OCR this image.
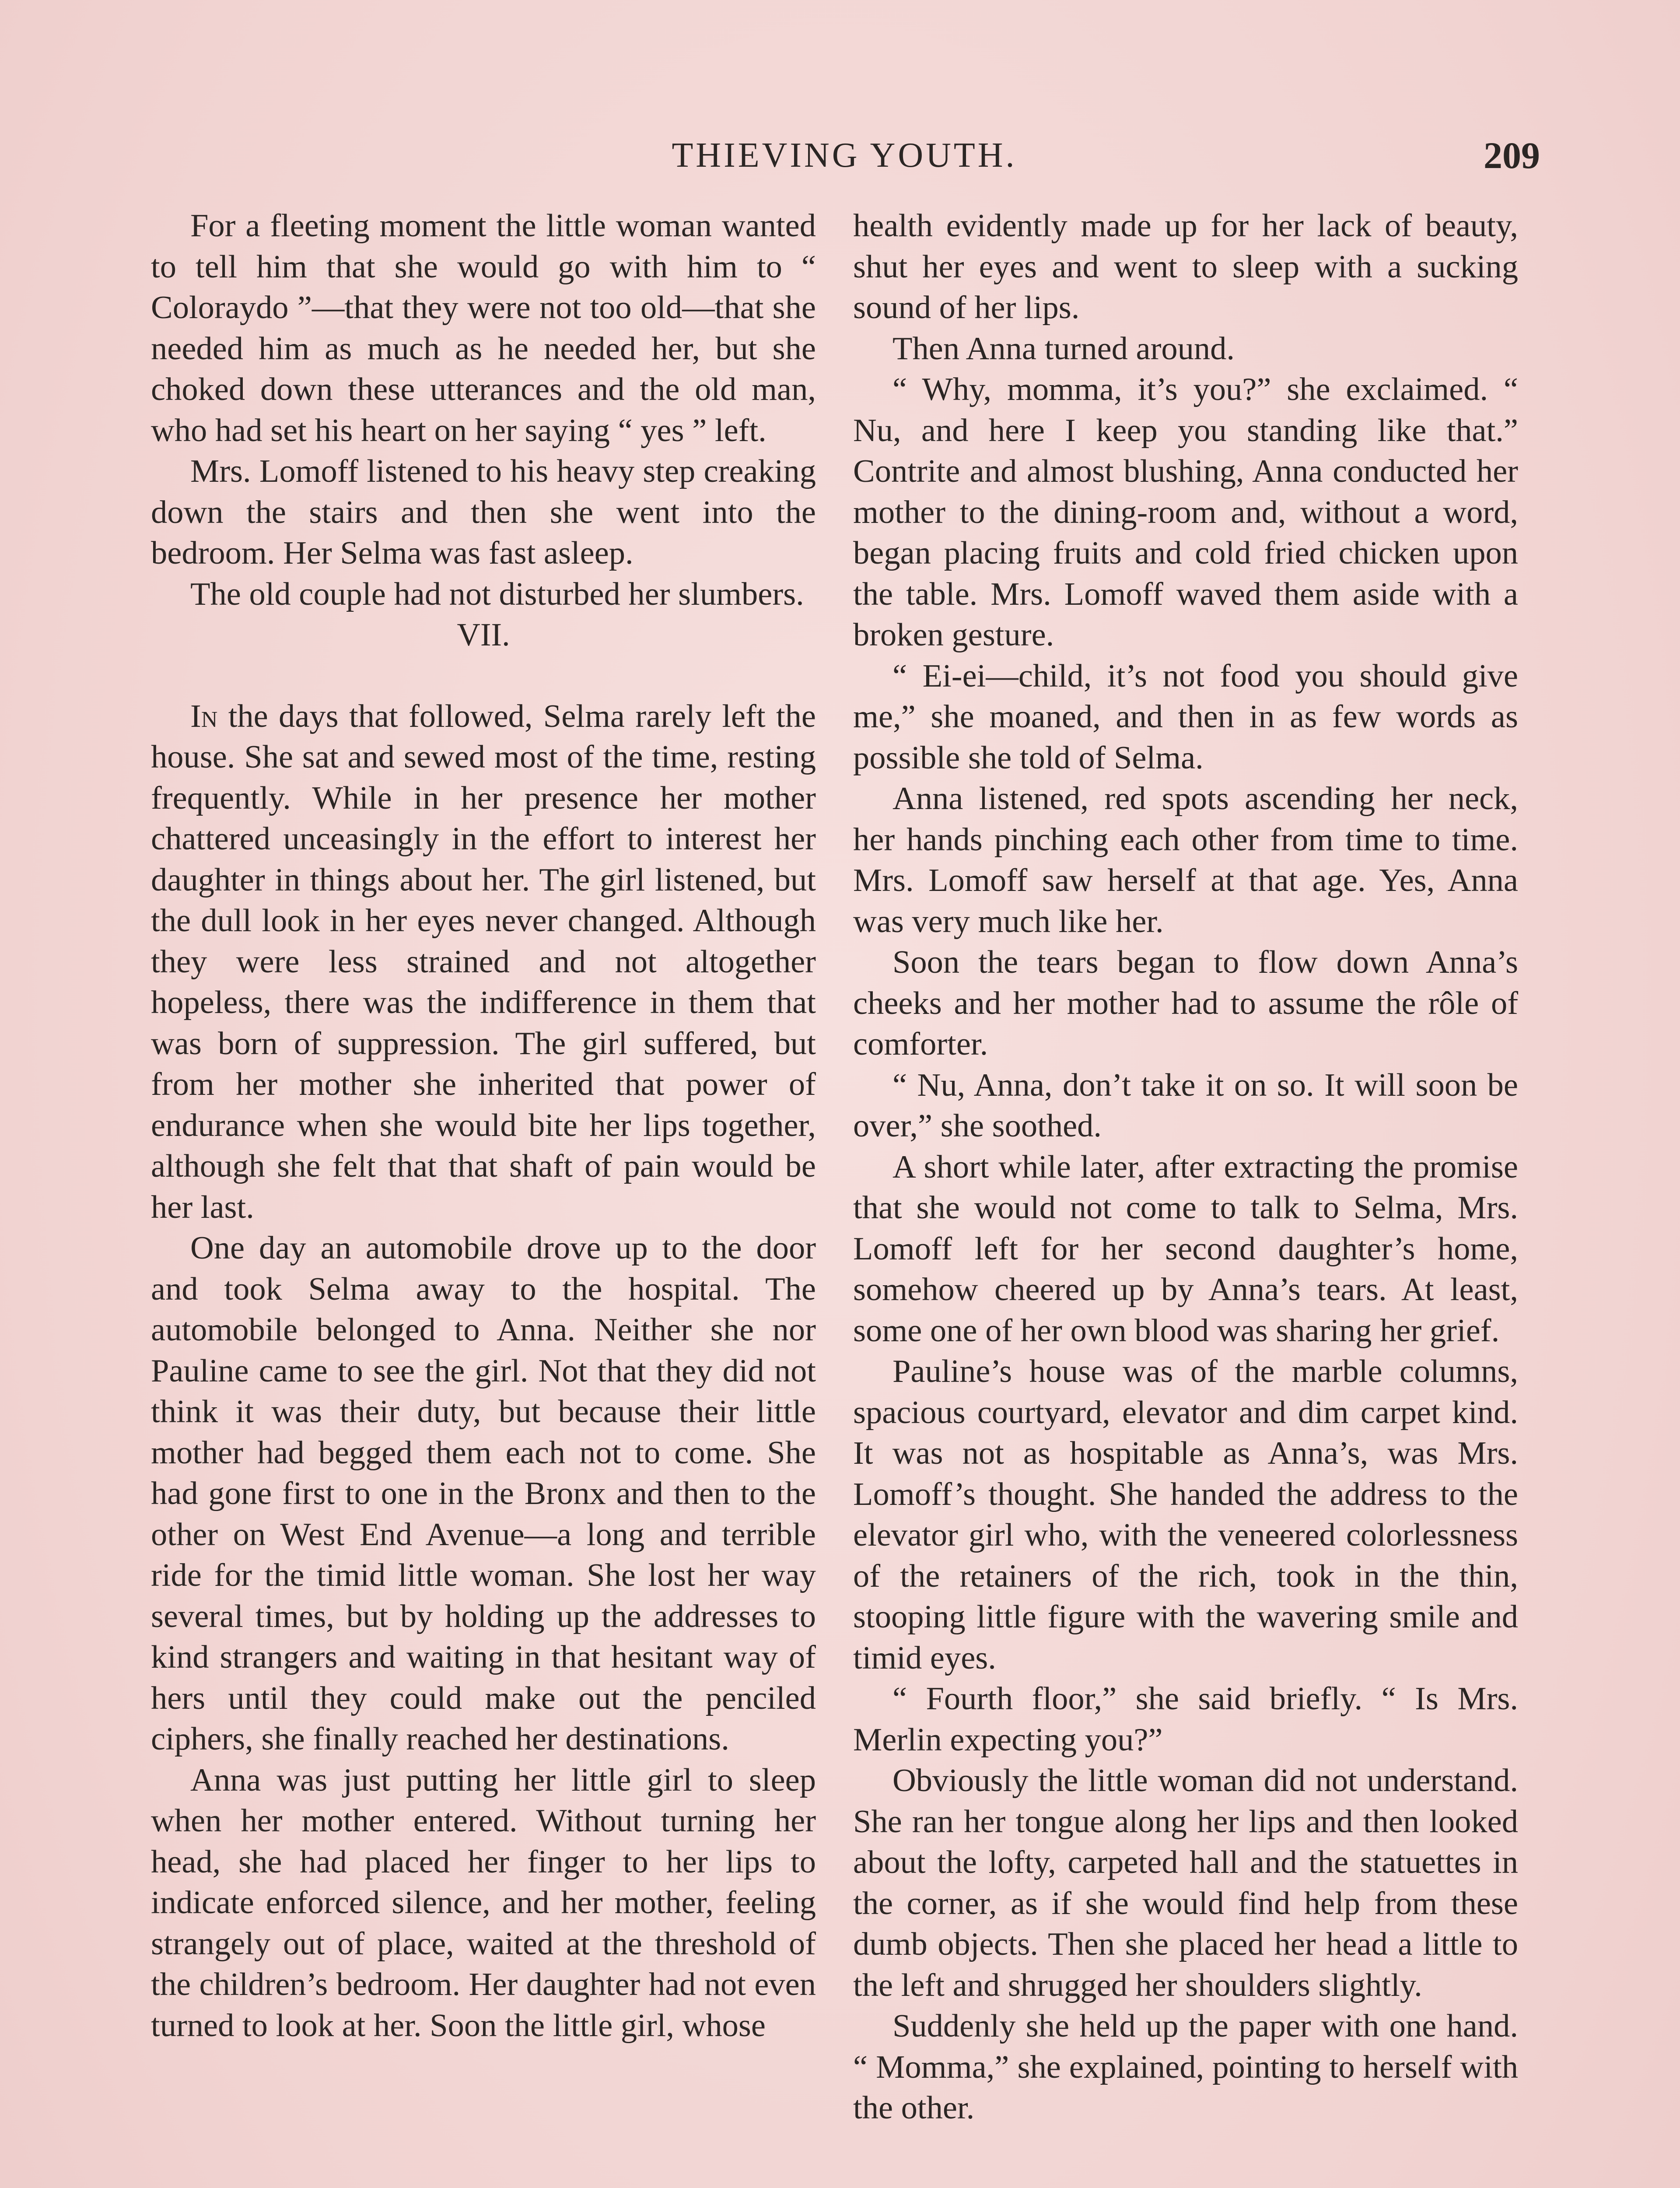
THIEVING YOUTH.	209

For a fleeting moment the little woman wanted to tell him that she would go with him to “ Coloraydo ”—that they were not too old—that she needed him as much as he needed her, but she choked down these utterances and the old man, who had set his heart on her saying “ yes ” left.

Mrs. Lomoff listened to his heavy step creaking down the stairs and then she went into the bedroom. Her Selma was fast asleep.

The old couple had not disturbed her slumbers.

VII.

In the days that followed, Selma rarely left the house. She sat and sewed most of the time, resting frequently. While in her presence her mother chattered unceasingly in the effort to interest her daughter in things about her. The girl listened, but the dull look in her eyes never changed. Although they were less strained and not altogether hopeless, there was the indifference in them that was born of suppression. The girl suffered, but from her mother she inherited that power of endurance when she would bite her lips together, although she felt that that shaft of pain would be her last.

One day an automobile drove up to the door and took Selma away to the hospital. The automobile belonged to Anna. Neither she nor Pauline came to see the girl. Not that they did not think it was their duty, but because their little mother had begged them each not to come. She had gone first to one in the Bronx and then to the other on West End Avenue—a long and terrible ride for the timid little woman. She lost her way several times, but by holding up the addresses to kind strangers and waiting in that hesitant way of hers until they could make out the penciled ciphers, she finally reached her destinations.

Anna was just putting her little girl to sleep when her mother entered. Without turning her head, she had placed her finger to her lips to indicate enforced silence, and her mother, feeling strangely out of place, waited at the threshold of the children’s bedroom. Her daughter had not even turned to look at her. Soon the little girl, whose

health evidently made up for her lack of beauty, shut her eyes and went to sleep with a sucking sound of her lips.

Then Anna turned around.

“ Why, momma, it’s you?” she exclaimed. “ Nu, and here I keep you standing like that.” Contrite and almost blushing, Anna conducted her mother to the dining-room and, without a word, began placing fruits and cold fried chicken upon the table. Mrs. Lomoff waved them aside with a broken gesture.

“ Ei-ei—child, it’s not food you should give me,” she moaned, and then in as few words as possible she told of Selma.

Anna listened, red spots ascending her neck, her hands pinching each other from time to time. Mrs. Lomoff saw herself at that age. Yes, Anna was very much like her.

Soon the tears began to flow down Anna’s cheeks and her mother had to assume the rôle of comforter.

“ Nu, Anna, don’t take it on so. It will soon be over,” she soothed.

A short while later, after extracting the promise that she would not come to talk to Selma, Mrs. Lomoff left for her second daughter’s home, somehow cheered up by Anna’s tears. At least, some one of her own blood was sharing her grief.

Pauline’s house was of the marble columns, spacious courtyard, elevator and dim carpet kind. It was not as hospitable as Anna’s, was Mrs. Lomoff’s thought. She handed the address to the elevator girl who, with the veneered colorlessness of the retainers of the rich, took in the thin, stooping little figure with the wavering smile and timid eyes.

“ Fourth floor,” she said briefly. “ Is Mrs. Merlin expecting you?”

Obviously the little woman did not understand. She ran her tongue along her lips and then looked about the lofty, carpeted hall and the statuettes in the corner, as if she would find help from these dumb objects. Then she placed her head a little to the left and shrugged her shoulders slightly.

Suddenly she held up the paper with one hand. “ Momma,” she explained, pointing to herself with the other.
